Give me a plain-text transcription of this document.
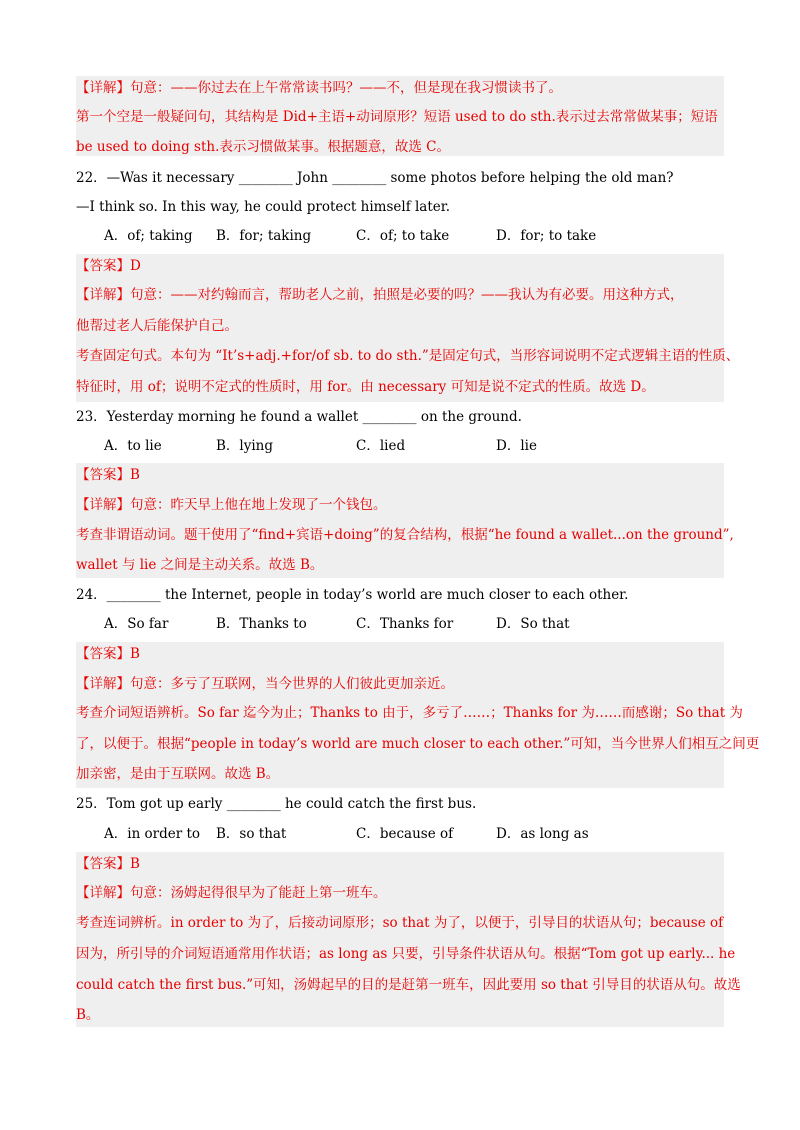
【详解】句意：——你过去在上午常常读书吗？——不，但是现在我习惯读书了。
第一个空是一般疑问句，其结构是 Did+主语+动词原形？短语 used to do sth.表示过去常常做某事；短语
be used to doing sth.表示习惯做某事。根据题意，故选 C。
22．—Was it necessary ________ John ________ some photos before helping the old man?
—I think so. In this way, he could protect himself later.
A．of; taking B．for; taking	C．of; to take	D．for; to take
【答案】D
【详解】句意：——对约翰而言，帮助老人之前，拍照是必要的吗？——我认为有必要。用这种方式，
他帮过老人后能保护自己。
考查固定句式。本句为 “It’s+adj.+for/of sb. to do sth.”是固定句式，当形容词说明不定式逻辑主语的性质、
特征时，用 of；说明不定式的性质时，用 for。由 necessary 可知是说不定式的性质。故选 D。
23．Yesterday morning he found a wallet ________ on the ground.
A．to lie	B．lying	C．lied	D．lie
【答案】B
【详解】句意：昨天早上他在地上发现了一个钱包。
考查非谓语动词。题干使用了“find+宾语+doing”的复合结构，根据“he found a wallet...on the ground”,
wallet 与 lie 之间是主动关系。故选 B。
24．________ the Internet, people in today’s world are much closer to each other.
A．So far	B．Thanks to	C．Thanks for	D．So that
【答案】B
【详解】句意：多亏了互联网，当今世界的人们彼此更加亲近。
考查介词短语辨析。So far 迄今为止；Thanks to 由于，多亏了……；Thanks for 为……而感谢；So that 为
了，以便于。根据“people in today’s world are much closer to each other.”可知，当今世界人们相互之间更
加亲密，是由于互联网。故选 B。
25．Tom got up early ________ he could catch the first bus.
A．in order to B．so that	C．because of	D．as long as
【答案】B
【详解】句意：汤姆起得很早为了能赶上第一班车。
考查连词辨析。in order to 为了，后接动词原形；so that 为了，以便于，引导目的状语从句；because of
因为，所引导的介词短语通常用作状语；as long as 只要，引导条件状语从句。根据“Tom got up early... he
could catch the first bus.”可知，汤姆起早的目的是赶第一班车，因此要用 so that 引导目的状语从句。故选
B。
